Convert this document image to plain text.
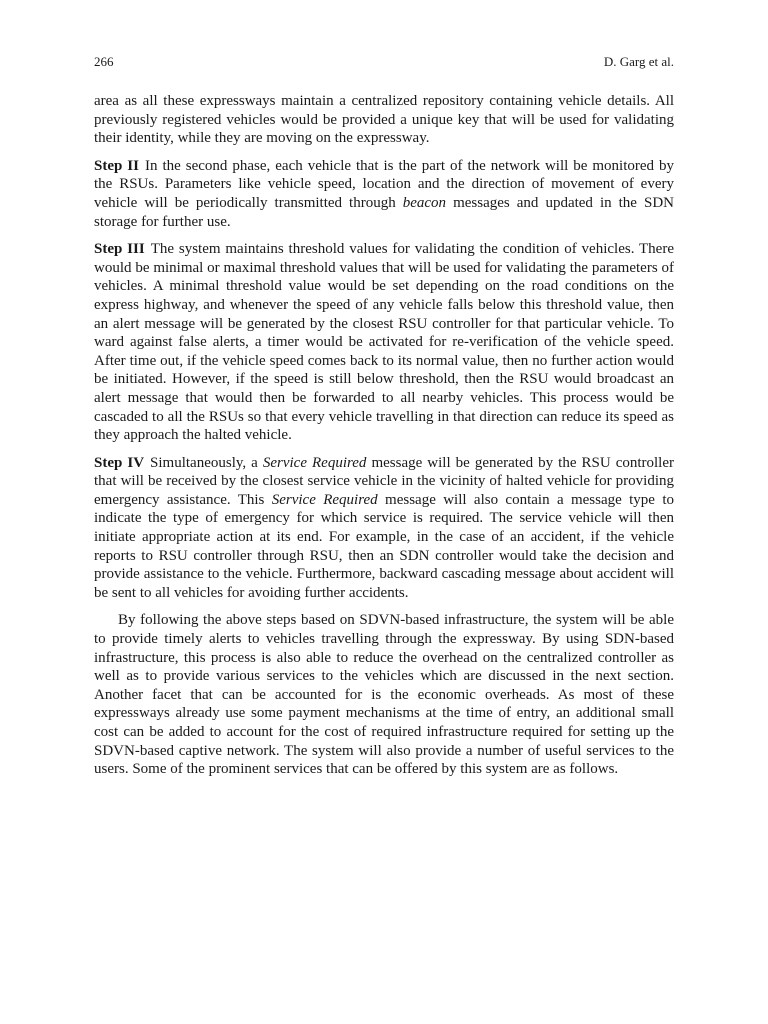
266	D. Garg et al.

area as all these expressways maintain a centralized repository containing vehicle details. All previously registered vehicles would be provided a unique key that will be used for validating their identity, while they are moving on the expressway.

Step II In the second phase, each vehicle that is the part of the network will be monitored by the RSUs. Parameters like vehicle speed, location and the direction of movement of every vehicle will be periodically transmitted through beacon messages and updated in the SDN storage for further use.

Step III The system maintains threshold values for validating the condition of vehicles. There would be minimal or maximal threshold values that will be used for validating the parameters of vehicles. A minimal threshold value would be set depending on the road conditions on the express highway, and whenever the speed of any vehicle falls below this threshold value, then an alert message will be generated by the closest RSU controller for that particular vehicle. To ward against false alerts, a timer would be activated for re-verification of the vehicle speed. After time out, if the vehicle speed comes back to its normal value, then no further action would be initiated. However, if the speed is still below threshold, then the RSU would broadcast an alert message that would then be forwarded to all nearby vehicles. This process would be cascaded to all the RSUs so that every vehicle travelling in that direction can reduce its speed as they approach the halted vehicle.

Step IV Simultaneously, a Service Required message will be generated by the RSU controller that will be received by the closest service vehicle in the vicinity of halted vehicle for providing emergency assistance. This Service Required message will also contain a message type to indicate the type of emergency for which service is required. The service vehicle will then initiate appropriate action at its end. For example, in the case of an accident, if the vehicle reports to RSU controller through RSU, then an SDN controller would take the decision and provide assistance to the vehicle. Furthermore, backward cascading message about accident will be sent to all vehicles for avoiding further accidents.

By following the above steps based on SDVN-based infrastructure, the system will be able to provide timely alerts to vehicles travelling through the expressway. By using SDN-based infrastructure, this process is also able to reduce the overhead on the centralized controller as well as to provide various services to the vehicles which are discussed in the next section. Another facet that can be accounted for is the economic overheads. As most of these expressways already use some payment mechanisms at the time of entry, an additional small cost can be added to account for the cost of required infrastructure required for setting up the SDVN-based captive network. The system will also provide a number of useful services to the users. Some of the prominent services that can be offered by this system are as follows.
